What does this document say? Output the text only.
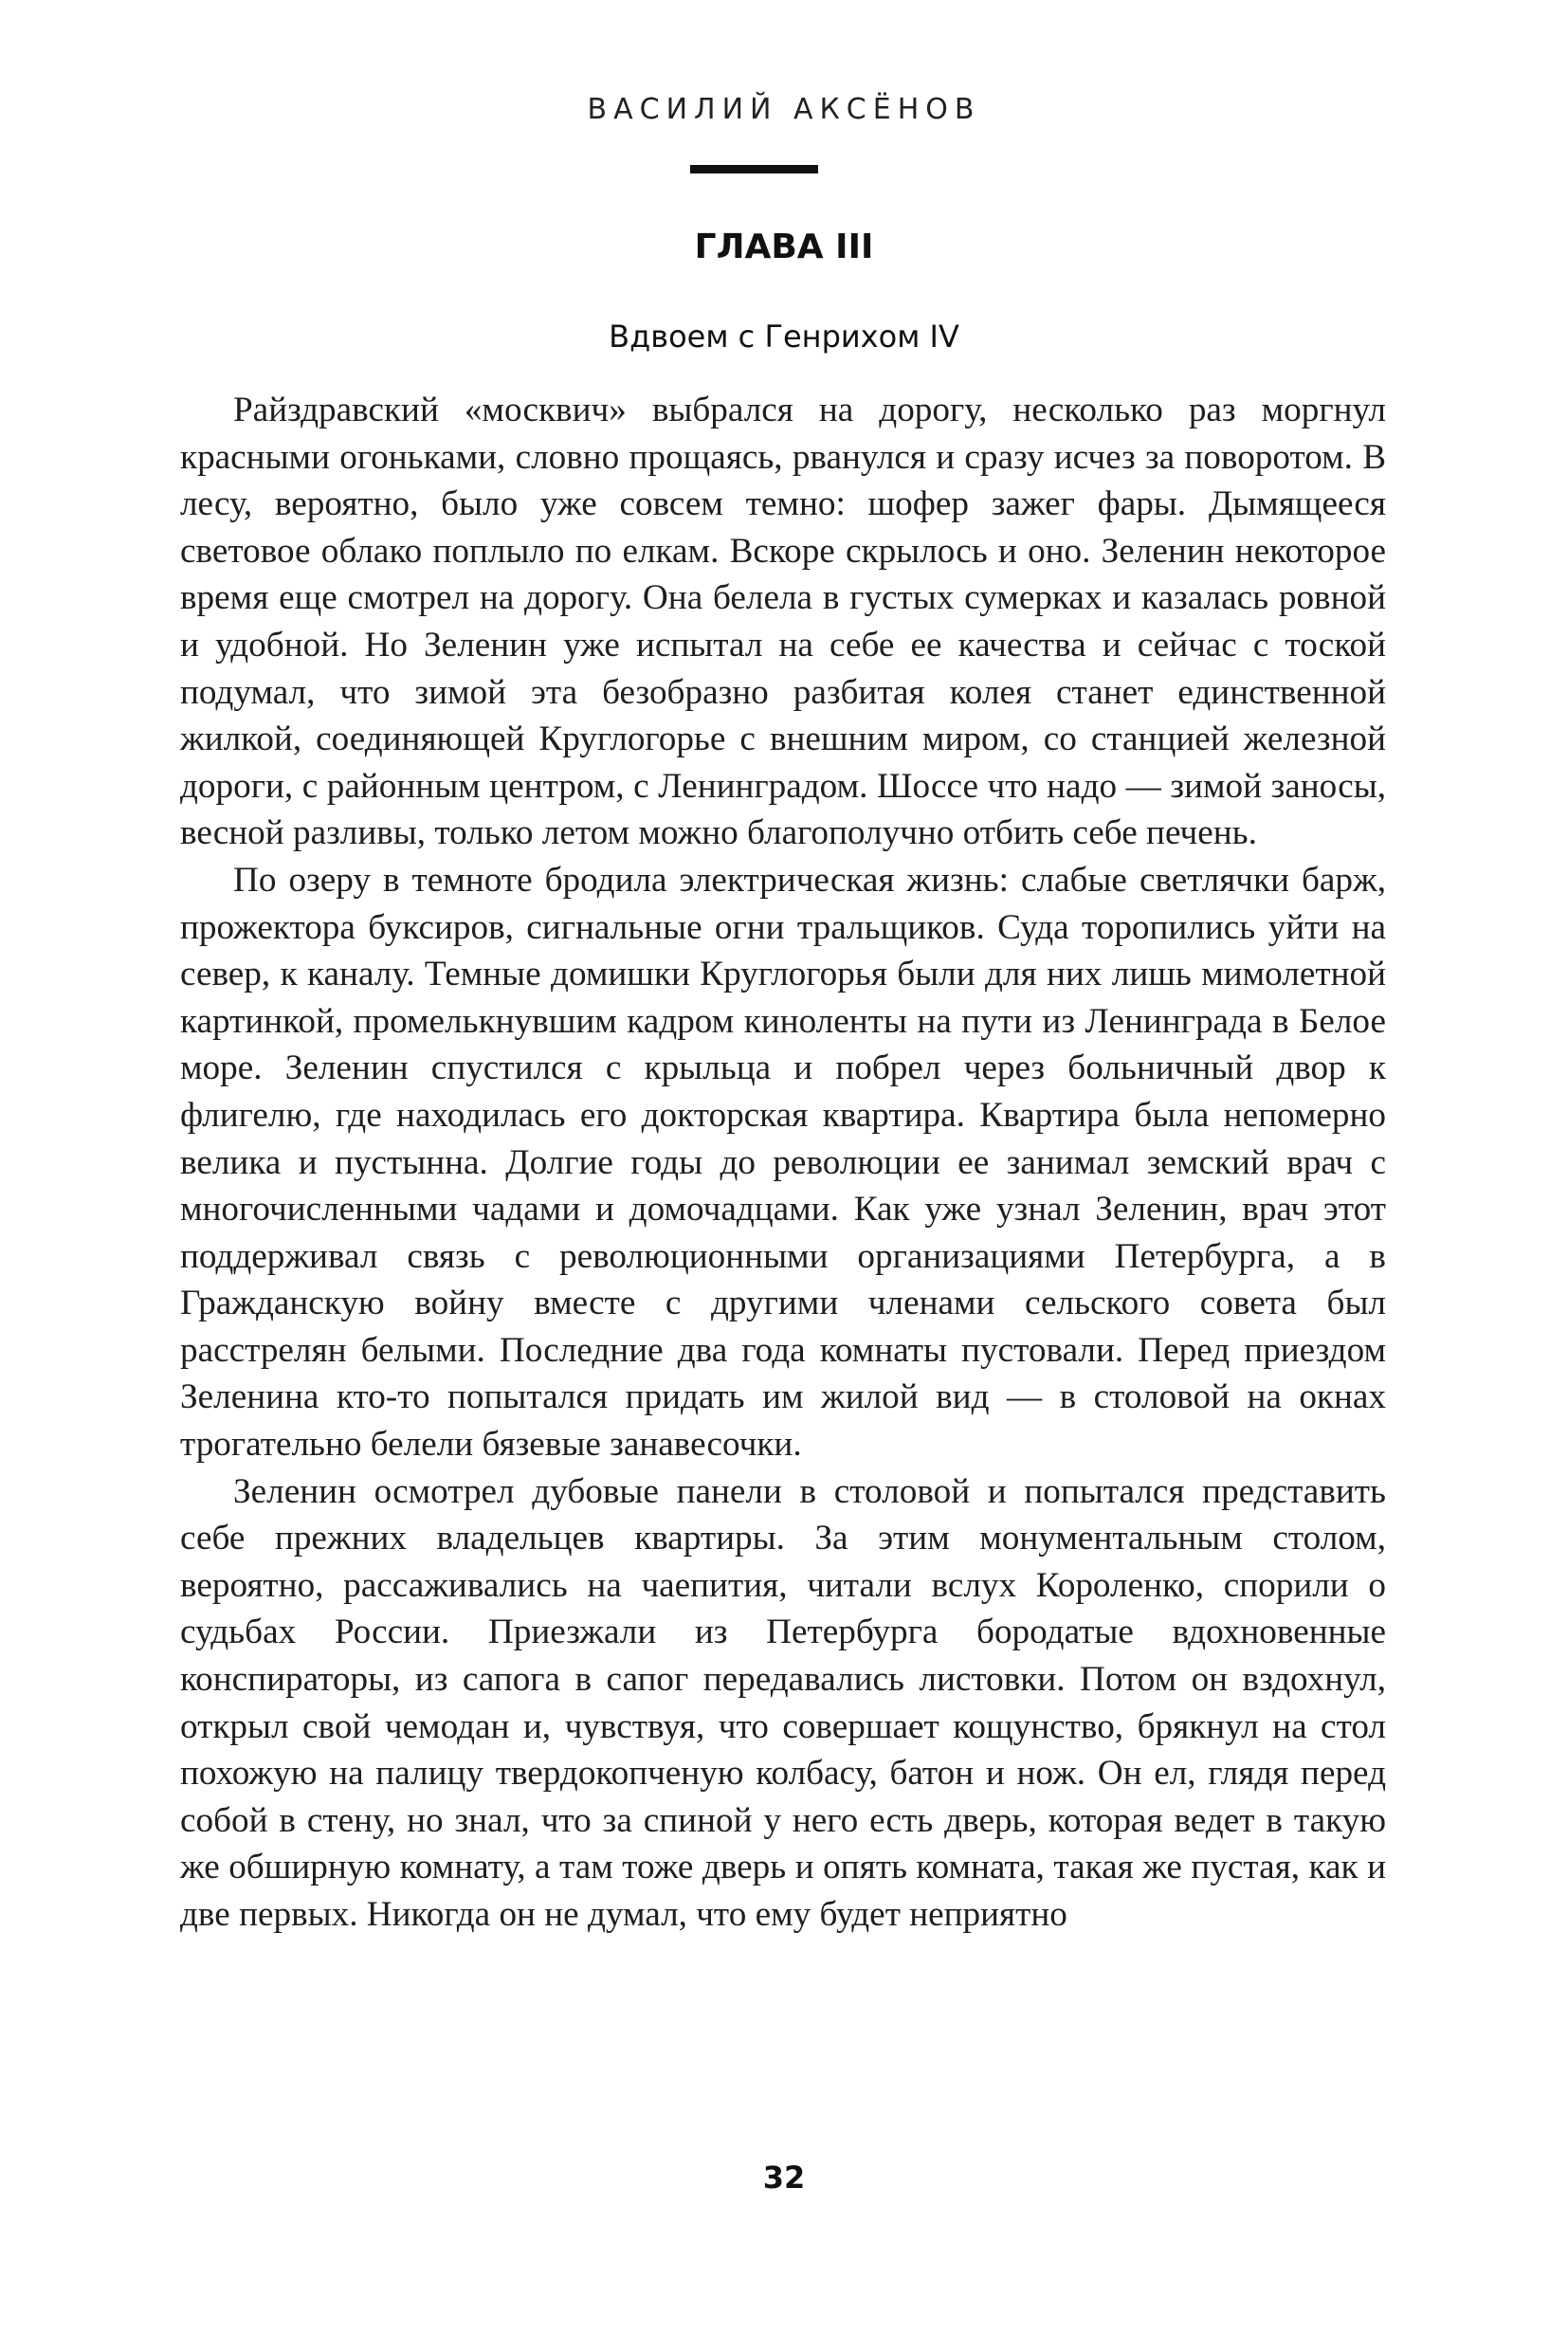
ВАСИЛИЙ АКСЁНОВ
ГЛАВА III
Вдвоем с Генрихом IV

Райздравский «москвич» выбрался на дорогу, несколько раз моргнул красными огоньками, словно прощаясь, рванулся и сразу исчез за поворотом. В лесу, вероятно, было уже совсем темно: шофер зажег фары. Дымящееся световое облако поплыло по елкам. Вскоре скрылось и оно. Зеленин некоторое время еще смотрел на дорогу. Она белела в густых сумерках и казалась ровной и удобной. Но Зеленин уже испытал на себе ее качества и сейчас с тоской подумал, что зимой эта безобразно разбитая колея станет единственной жилкой, соединяющей Круглогорье с внешним миром, со станцией железной дороги, с районным центром, с Ленинградом. Шоссе что надо — зимой заносы, весной разливы, только летом можно благополучно отбить себе печень.

По озеру в темноте бродила электрическая жизнь: слабые светлячки барж, прожектора буксиров, сигнальные огни тральщиков. Суда торопились уйти на север, к каналу. Темные домишки Круглогорья были для них лишь мимолетной картинкой, промелькнувшим кадром киноленты на пути из Ленинграда в Белое море. Зеленин спустился с крыльца и побрел через больничный двор к флигелю, где находилась его докторская квартира. Квартира была непомерно велика и пустынна. Долгие годы до революции ее занимал земский врач с многочисленными чадами и домочадцами. Как уже узнал Зеленин, врач этот поддерживал связь с революционными организациями Петербурга, а в Гражданскую войну вместе с другими членами сельского совета был расстрелян белыми. Последние два года комнаты пустовали. Перед приездом Зеленина кто-то попытался придать им жилой вид — в столовой на окнах трогательно белели бязевые занавесочки.

Зеленин осмотрел дубовые панели в столовой и попытался представить себе прежних владельцев квартиры. За этим монументальным столом, вероятно, рассаживались на чаепития, читали вслух Короленко, спорили о судьбах России. Приезжали из Петербурга бородатые вдохновенные конспираторы, из сапога в сапог передавались листовки. Потом он вздохнул, открыл свой чемодан и, чувствуя, что совершает кощунство, брякнул на стол похожую на палицу твердокопченую колбасу, батон и нож. Он ел, глядя перед собой в стену, но знал, что за спиной у него есть дверь, которая ведет в такую же обширную комнату, а там тоже дверь и опять комната, такая же пустая, как и две первых. Никогда он не думал, что ему будет неприятно

32
